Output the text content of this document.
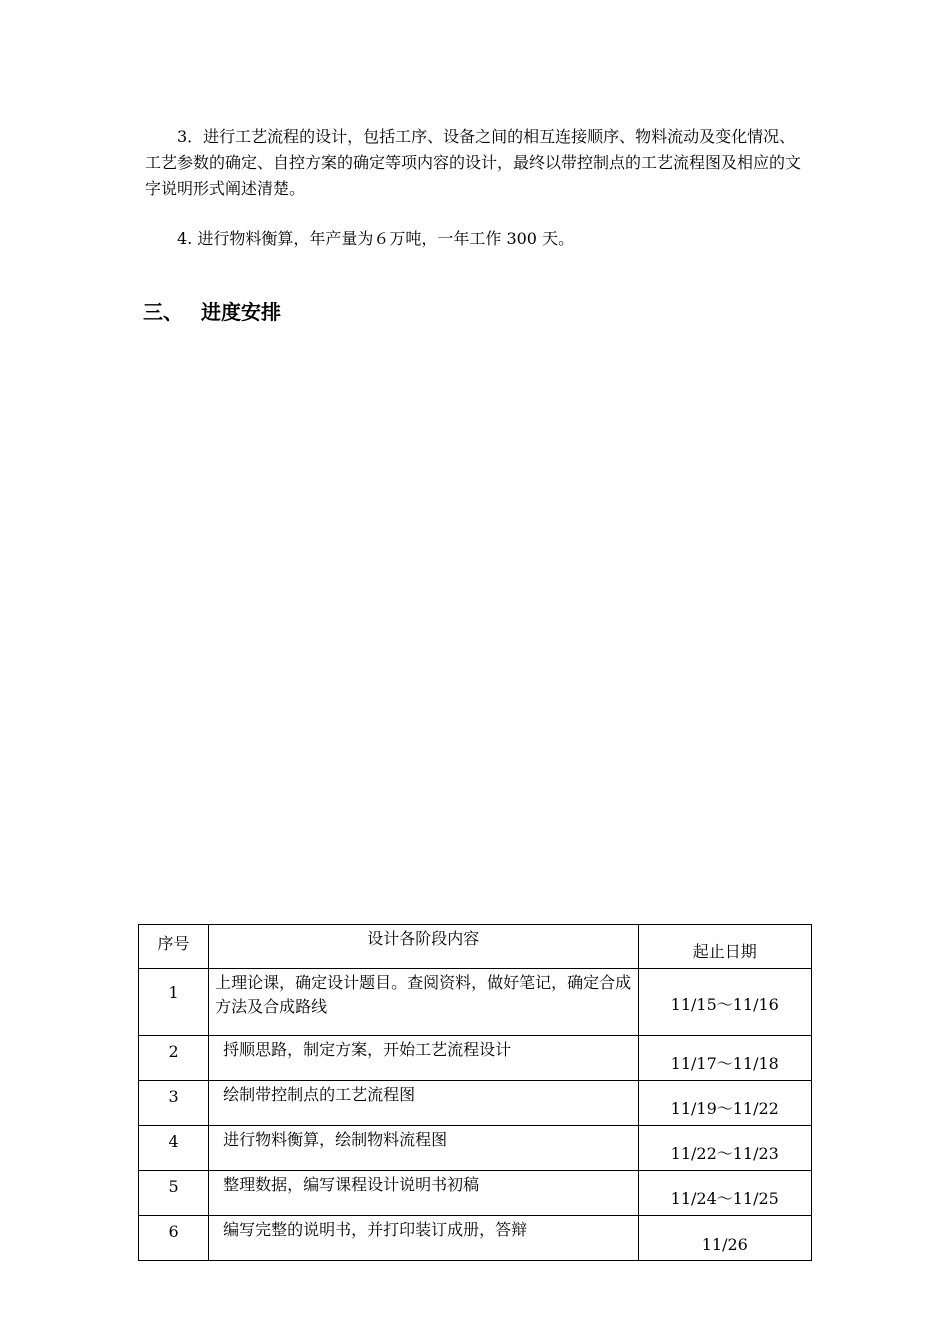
3．进行工艺流程的设计，包括工序、设备之间的相互连接顺序、物料流动及变化情况、工艺参数的确定、自控方案的确定等项内容的设计，最终以带控制点的工艺流程图及相应的文字说明形式阐述清楚。

4. 进行物料衡算，年产量为６万吨，一年工作 300 天。

三、 进度安排
序号	设计各阶段内容	起止日期
1	上理论课，确定设计题目。查阅资料，做好笔记，确定合成方法及合成路线	11/15～11/16
2	捋顺思路，制定方案，开始工艺流程设计	11/17～11/18
3	绘制带控制点的工艺流程图	11/19～11/22
4	进行物料衡算，绘制物料流程图	11/22～11/23
5	整理数据，编写课程设计说明书初稿	11/24～11/25
6	编写完整的说明书，并打印装订成册，答辩	11/26
